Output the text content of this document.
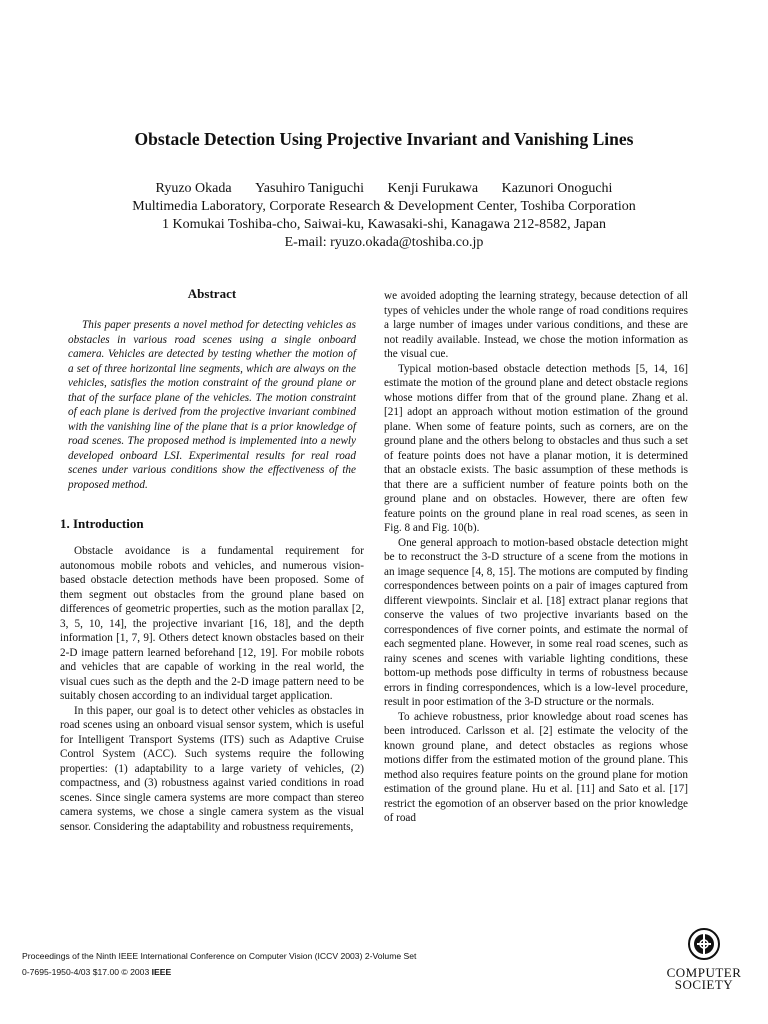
Obstacle Detection Using Projective Invariant and Vanishing Lines
Ryuzo Okada Yasuhiro Taniguchi Kenji Furukawa Kazunori Onoguchi
Multimedia Laboratory, Corporate Research & Development Center, Toshiba Corporation
1 Komukai Toshiba-cho, Saiwai-ku, Kawasaki-shi, Kanagawa 212-8582, Japan
E-mail: ryuzo.okada@toshiba.co.jp
Abstract

This paper presents a novel method for detecting vehicles as obstacles in various road scenes using a single onboard camera. Vehicles are detected by testing whether the motion of a set of three horizontal line segments, which are always on the vehicles, satisfies the motion constraint of the ground plane or that of the surface plane of the vehicles. The motion constraint of each plane is derived from the projective invariant combined with the vanishing line of the plane that is a prior knowledge of road scenes. The proposed method is implemented into a newly developed onboard LSI. Experimental results for real road scenes under various conditions show the effectiveness of the proposed method.

1. Introduction

Obstacle avoidance is a fundamental requirement for autonomous mobile robots and vehicles, and numerous vision-based obstacle detection methods have been proposed. Some of them segment out obstacles from the ground plane based on differences of geometric properties, such as the motion parallax [2, 3, 5, 10, 14], the projective invariant [16, 18], and the depth information [1, 7, 9]. Others detect known obstacles based on their 2-D image pattern learned beforehand [12, 19]. For mobile robots and vehicles that are capable of working in the real world, the visual cues such as the depth and the 2-D image pattern need to be suitably chosen according to an individual target application.

In this paper, our goal is to detect other vehicles as obstacles in road scenes using an onboard visual sensor system, which is useful for Intelligent Transport Systems (ITS) such as Adaptive Cruise Control System (ACC). Such systems require the following properties: (1) adaptability to a large variety of vehicles, (2) compactness, and (3) robustness against varied conditions in road scenes. Since single camera systems are more compact than stereo camera systems, we chose a single camera system as the visual sensor. Considering the adaptability and robustness requirements,

we avoided adopting the learning strategy, because detection of all types of vehicles under the whole range of road conditions requires a large number of images under various conditions, and these are not readily available. Instead, we chose the motion information as the visual cue.

Typical motion-based obstacle detection methods [5, 14, 16] estimate the motion of the ground plane and detect obstacle regions whose motions differ from that of the ground plane. Zhang et al. [21] adopt an approach without motion estimation of the ground plane. When some of feature points, such as corners, are on the ground plane and the others belong to obstacles and thus such a set of feature points does not have a planar motion, it is determined that an obstacle exists. The basic assumption of these methods is that there are a sufficient number of feature points both on the ground plane and on obstacles. However, there are often few feature points on the ground plane in real road scenes, as seen in Fig. 8 and Fig. 10(b).

One general approach to motion-based obstacle detection might be to reconstruct the 3-D structure of a scene from the motions in an image sequence [4, 8, 15]. The motions are computed by finding correspondences between points on a pair of images captured from different viewpoints. Sinclair et al. [18] extract planar regions that conserve the values of two projective invariants based on the correspondences of five corner points, and estimate the normal of each segmented plane. However, in some real road scenes, such as rainy scenes and scenes with variable lighting conditions, these bottom-up methods pose difficulty in terms of robustness because errors in finding correspondences, which is a low-level procedure, result in poor estimation of the 3-D structure or the normals.

To achieve robustness, prior knowledge about road scenes has been introduced. Carlsson et al. [2] estimate the velocity of the known ground plane, and detect obstacles as regions whose motions differ from the estimated motion of the ground plane. This method also requires feature points on the ground plane for motion estimation of the ground plane. Hu et al. [11] and Sato et al. [17] restrict the egomotion of an observer based on the prior knowledge of road

Proceedings of the Ninth IEEE International Conference on Computer Vision (ICCV 2003) 2-Volume Set
0-7695-1950-4/03 $17.00 © 2003 IEEE	COMPUTER
SOCIETY
